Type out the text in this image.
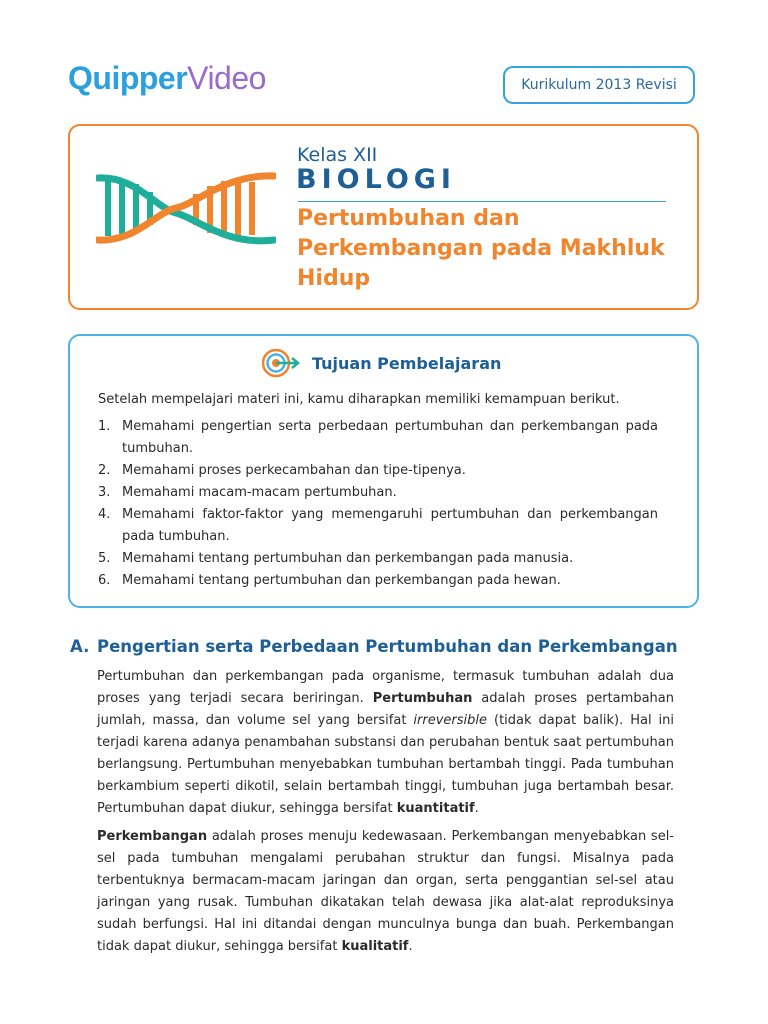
QuipperVideo	Kurikulum 2013 Revisi
Kelas XII
BIOLOGI
Pertumbuhan dan Perkembangan pada Makhluk Hidup
Tujuan Pembelajaran
Setelah mempelajari materi ini, kamu diharapkan memiliki kemampuan berikut.
1. Memahami pengertian serta perbedaan pertumbuhan dan perkembangan pada tumbuhan.
2. Memahami proses perkecambahan dan tipe-tipenya.
3. Memahami macam-macam pertumbuhan.
4. Memahami faktor-faktor yang memengaruhi pertumbuhan dan perkembangan pada tumbuhan.
5. Memahami tentang pertumbuhan dan perkembangan pada manusia.
6. Memahami tentang pertumbuhan dan perkembangan pada hewan.
A. Pengertian serta Perbedaan Pertumbuhan dan Perkembangan

Pertumbuhan dan perkembangan pada organisme, termasuk tumbuhan adalah dua proses yang terjadi secara beriringan. Pertumbuhan adalah proses pertambahan jumlah, massa, dan volume sel yang bersifat irreversible (tidak dapat balik). Hal ini terjadi karena adanya penambahan substansi dan perubahan bentuk saat pertumbuhan berlangsung. Pertumbuhan menyebabkan tumbuhan bertambah tinggi. Pada tumbuhan berkambium seperti dikotil, selain bertambah tinggi, tumbuhan juga bertambah besar. Pertumbuhan dapat diukur, sehingga bersifat kuantitatif.

Perkembangan adalah proses menuju kedewasaan. Perkembangan menyebabkan sel-sel pada tumbuhan mengalami perubahan struktur dan fungsi. Misalnya pada terbentuknya bermacam-macam jaringan dan organ, serta penggantian sel-sel atau jaringan yang rusak. Tumbuhan dikatakan telah dewasa jika alat-alat reproduksinya sudah berfungsi. Hal ini ditandai dengan munculnya bunga dan buah. Perkembangan tidak dapat diukur, sehingga bersifat kualitatif.
